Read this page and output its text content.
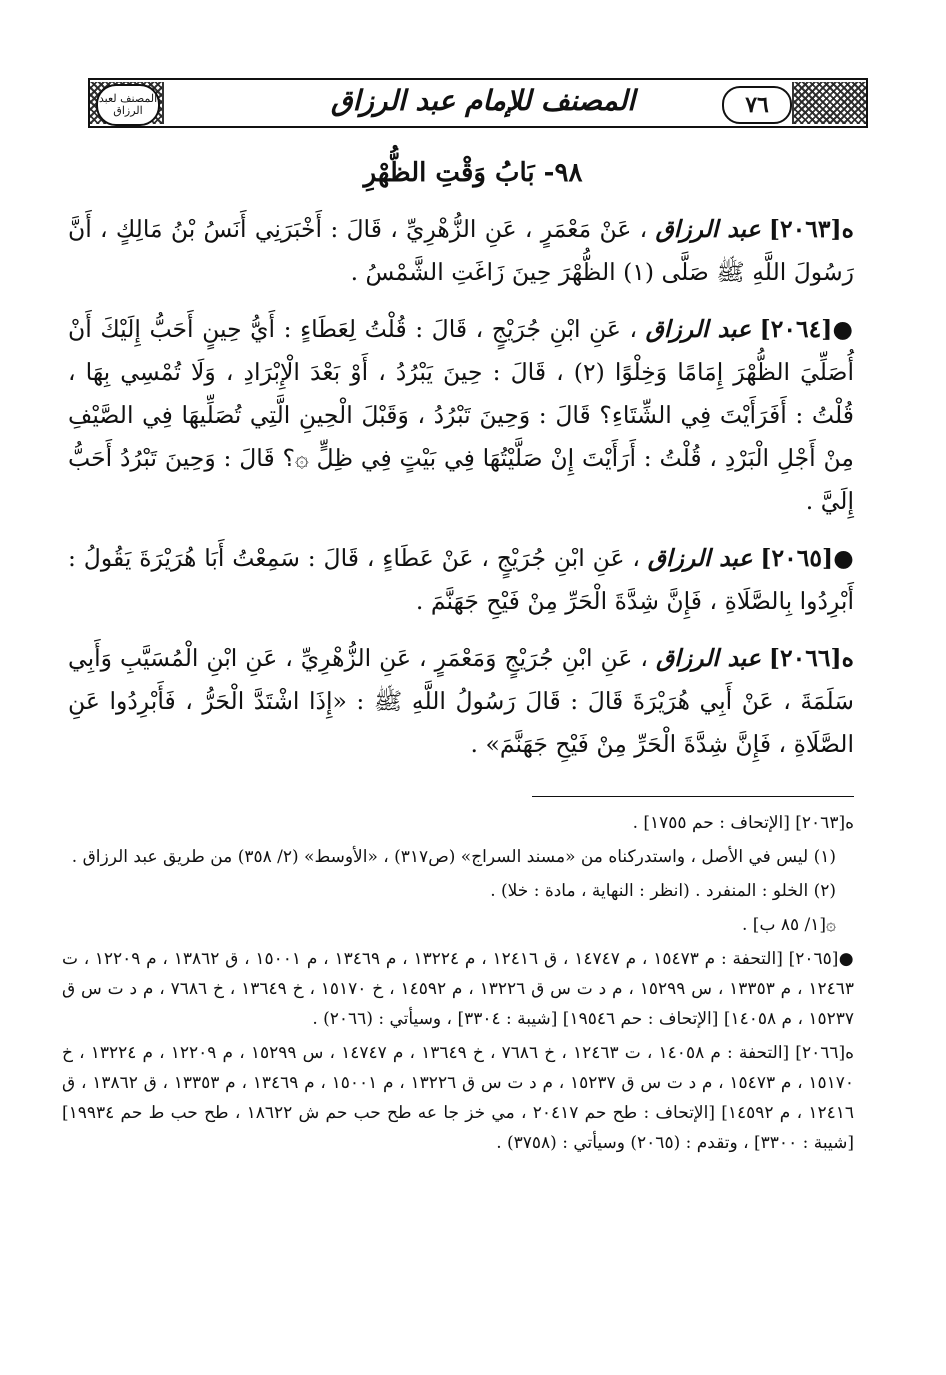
٧٦
المصنف للإمام عبد الرزاق
المصنف لعبد الرزاق
٩٨- بَابُ وَقْتِ الظُّهْرِ

ه[٢٠٦٣] عبد الرزاق ، عَنْ مَعْمَرٍ ، عَنِ الزُّهْرِيِّ ، قَالَ : أَخْبَرَنِي أَنَسُ بْنُ مَالِكٍ ، أَنَّ رَسُولَ اللَّهِ ﷺ صَلَّى (١) الظُّهْرَ حِينَ زَاغَتِ الشَّمْسُ .

●[٢٠٦٤] عبد الرزاق ، عَنِ ابْنِ جُرَيْجٍ ، قَالَ : قُلْتُ لِعَطَاءٍ : أَيُّ حِينٍ أَحَبُّ إِلَيْكَ أَنْ أُصَلِّيَ الظُّهْرَ إِمَامًا وَخِلْوًا (٢) ، قَالَ : حِينَ يَبْرُدُ ، أَوْ بَعْدَ الْإِبْرَادِ ، وَلَا تُمْسِي بِهَا ، قُلْتُ : أَفَرَأَيْتَ فِي الشِّتَاءِ؟ قَالَ : وَحِينَ تَبْرُدُ ، وَقَبْلَ الْحِينِ الَّتِي تُصَلِّيهَا فِي الصَّيْفِ مِنْ أَجْلِ الْبَرْدِ ، قُلْتُ : أَرَأَيْتَ إِنْ صَلَّيْتُهَا فِي بَيْتٍ فِي ظِلٍّ ۞؟ قَالَ : وَحِينَ تَبْرُدُ أَحَبُّ إِلَيَّ .

●[٢٠٦٥] عبد الرزاق ، عَنِ ابْنِ جُرَيْجٍ ، عَنْ عَطَاءٍ ، قَالَ : سَمِعْتُ أَبَا هُرَيْرَةَ يَقُولُ : أَبْرِدُوا بِالصَّلَاةِ ، فَإِنَّ شِدَّةَ الْحَرِّ مِنْ فَيْحِ جَهَنَّمَ .

ه[٢٠٦٦] عبد الرزاق ، عَنِ ابْنِ جُرَيْجٍ وَمَعْمَرٍ ، عَنِ الزُّهْرِيِّ ، عَنِ ابْنِ الْمُسَيَّبِ وَأَبِي سَلَمَةَ ، عَنْ أَبِي هُرَيْرَةَ قَالَ : قَالَ رَسُولُ اللَّهِ ﷺ : «إِذَا اشْتَدَّ الْحَرُّ ، فَأَبْرِدُوا عَنِ الصَّلَاةِ ، فَإِنَّ شِدَّةَ الْحَرِّ مِنْ فَيْحِ جَهَنَّمَ» .

ه[٢٠٦٣] [الإتحاف : حم ١٧٥٥] .

(١) ليس في الأصل ، واستدركناه من «مسند السراج» (ص٣١٧) ، «الأوسط» (٢/ ٣٥٨) من طريق عبد الرزاق .

(٢) الخلو : المنفرد . (انظر : النهاية ، مادة : خلا) .

۞[١/ ٨٥ ب] .

●[٢٠٦٥] [التحفة : م ١٥٤٧٣ ، م ١٤٧٤٧ ، ق ١٢٤١٦ ، م ١٣٢٢٤ ، م ١٣٤٦٩ ، م ١٥٠٠١ ، ق ١٣٨٦٢ ، م ١٢٢٠٩ ، ت ١٢٤٦٣ ، م ١٣٣٥٣ ، س ١٥٢٩٩ ، م د ت س ق ١٣٢٢٦ ، م ١٤٥٩٢ ، خ ١٥١٧٠ ، خ ١٣٦٤٩ ، خ ٧٦٨٦ ، م د ت س ق ١٥٢٣٧ ، م ١٤٠٥٨] [الإتحاف : حم ١٩٥٤٦] [شيبة : ٣٣٠٤] ، وسيأتي : (٢٠٦٦) .

ه[٢٠٦٦] [التحفة : م ١٤٠٥٨ ، ت ١٢٤٦٣ ، خ ٧٦٨٦ ، خ ١٣٦٤٩ ، م ١٤٧٤٧ ، س ١٥٢٩٩ ، م ١٢٢٠٩ ، م ١٣٢٢٤ ، خ ١٥١٧٠ ، م ١٥٤٧٣ ، م د ت س ق ١٥٢٣٧ ، م د ت س ق ١٣٢٢٦ ، م ١٥٠٠١ ، م ١٣٤٦٩ ، م ١٣٣٥٣ ، ق ١٣٨٦٢ ، ق ١٢٤١٦ ، م ١٤٥٩٢] [الإتحاف : طح حم ٢٠٤١٧ ، مي خز جا عه طح حب حم ش ١٨٦٢٢ ، طح حب ط حم ١٩٩٣٤] [شيبة : ٣٣٠٠] ، وتقدم : (٢٠٦٥) وسيأتي : (٣٧٥٨) .
